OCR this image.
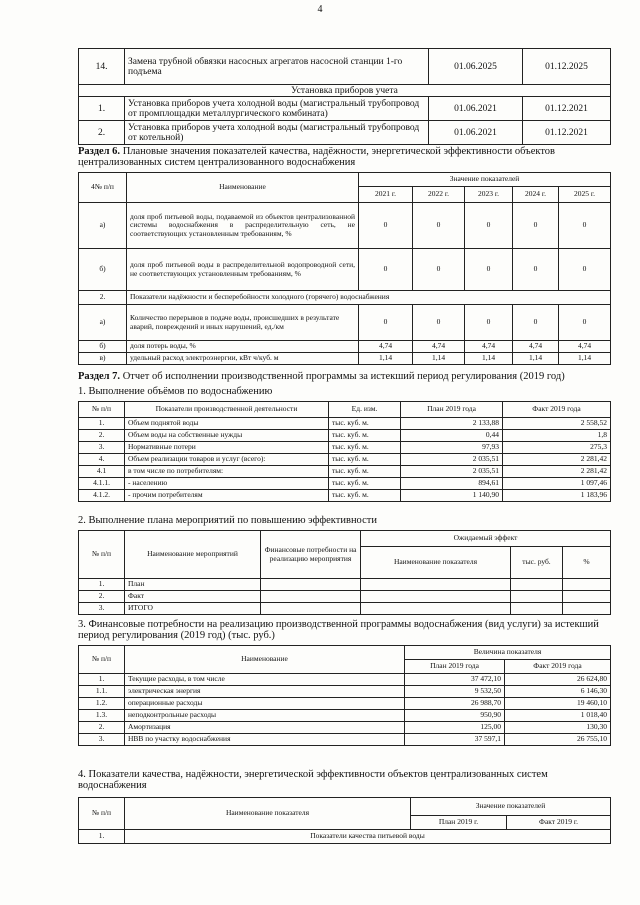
4
14.	Замена трубной обвязки насосных агрегатов насосной станции 1-го подъема	01.06.2025	01.12.2025
Установка приборов учета			
1.	Установка приборов учета холодной воды (магистральный трубопровод от промплощадки металлургического комбината)	01.06.2021	01.12.2021
2.	Установка приборов учета холодной воды (магистральный трубопровод от котельной)	01.06.2021	01.12.2021
Раздел 6. Плановые значения показателей качества, надёжности, энергетической эффективности объектов централизованных систем централизованного водоснабжения
4№ п/п	Наименование	Значение показателей				
		2021 г.	2022 г.	2023 г.	2024 г.	2025 г.
а)	доля проб питьевой воды, подаваемой из объектов централизованной системы водоснабжения в распределительную сеть, не соответствующих установленным требованиям, %	0	0	0	0	0
б)	доля проб питьевой воды в распределительной водопроводной сети, не соответствующих установленным требованиям, %	0	0	0	0	0
2.	Показатели надёжности и бесперебойности холодного (горячего) водоснабжения					
а)	Количество перерывов в подаче воды, происшедших в результате аварий, повреждений и иных нарушений, ед./км	0	0	0	0	0
б)	доля потерь воды, %	4,74	4,74	4,74	4,74	4,74
в)	удельный расход электроэнергии, кВт ч/куб. м	1,14	1,14	1,14	1,14	1,14
Раздел 7. Отчет об исполнении производственной программы за истекший период регулирования (2019 год)
1. Выполнение объёмов по водоснабжению
№ п/п	Показатели производственной деятельности	Ед. изм.	План 2019 года	Факт 2019 года
1.	Объем поднятой воды	тыс. куб. м.	2 133,88	2 558,52
2.	Объем воды на собственные нужды	тыс. куб. м.	0,44	1,8
3.	Нормативные потери	тыс. куб. м.	97,93	275,3
4.	Объем реализации товаров и услуг (всего):	тыс. куб. м.	2 035,51	2 281,42
4.1	в том числе по потребителям:	тыс. куб. м.	2 035,51	2 281,42
4.1.1.	- населению	тыс. куб. м.	894,61	1 097,46
4.1.2.	- прочим потребителям	тыс. куб. м.	1 140,90	1 183,96
2. Выполнение плана мероприятий по повышению эффективности
№ п/п	Наименование мероприятий	Финансовые потребности на реализацию мероприятия	Ожидаемый эффект		
			Наименование показателя	тыс. руб.	%
1.	План				
2.	Факт				
3.	ИТОГО				
3. Финансовые потребности на реализацию производственной программы водоснабжения (вид услуги) за истекший период регулирования (2019 год) (тыс. руб.)
№ п/п	Наименование	Величина показателя	
		План 2019 года	Факт 2019 года
1.	Текущие расходы, в том числе	37 472,10	26 624,80
1.1.	электрическая энергия	9 532,50	6 146,30
1.2.	операционные расходы	26 988,70	19 460,10
1.3.	неподконтрольные расходы	950,90	1 018,40
2.	Амортизация	125,00	130,30
3.	НВВ по участку водоснабжения	37 597,1	26 755,10
4. Показатели качества, надёжности, энергетической эффективности объектов централизованных систем водоснабжения
№ п/п	Наименование показателя	Значение показателей	
		План 2019 г.	Факт 2019 г.
1.	Показатели качества питьевой воды		
